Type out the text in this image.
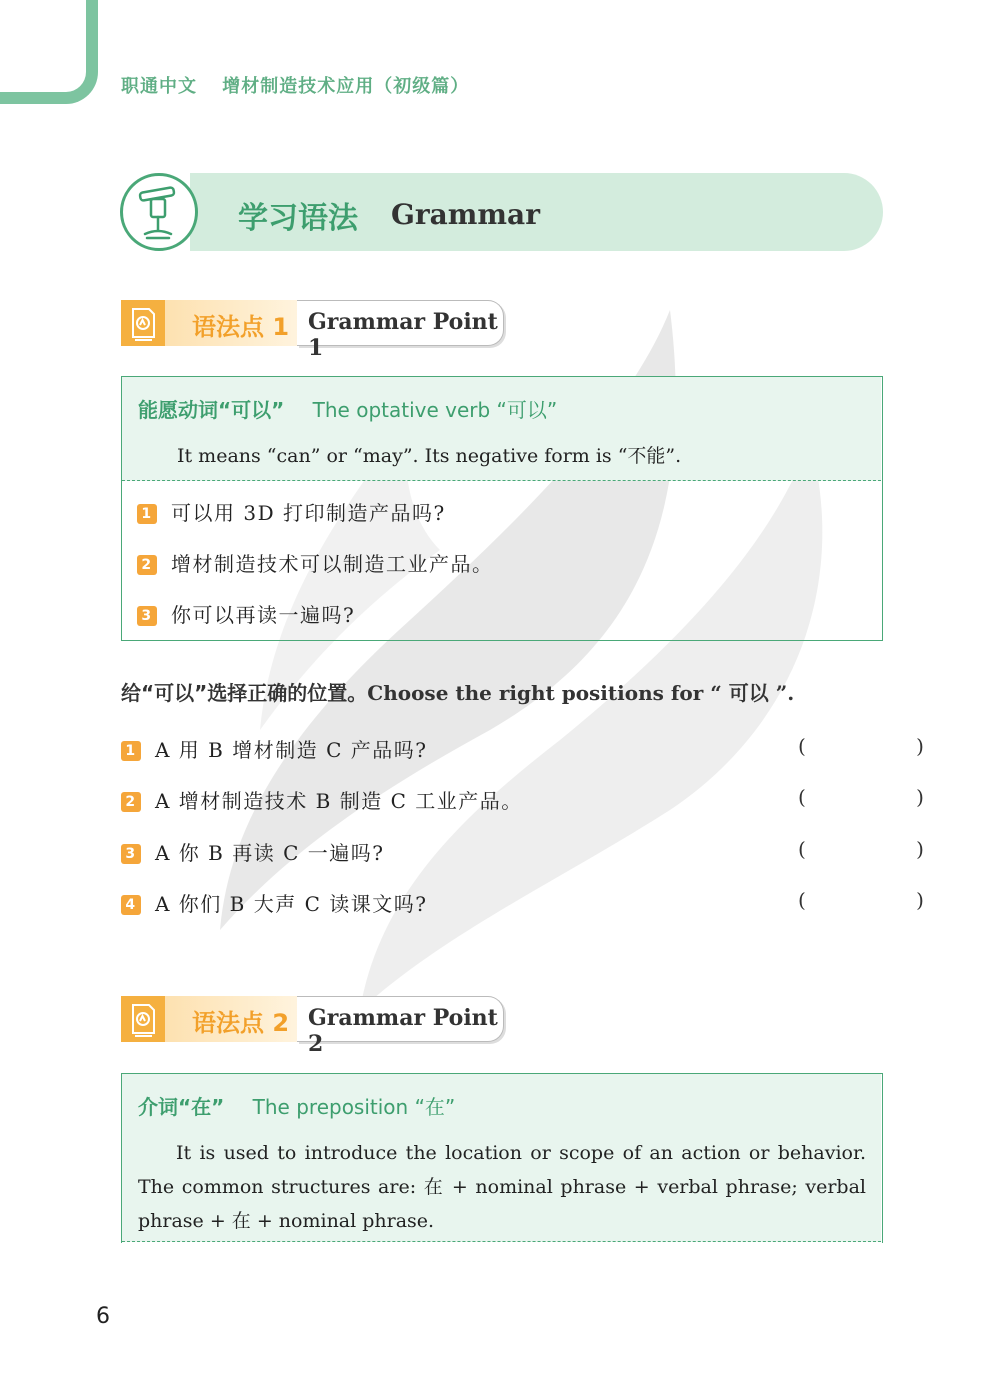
职通中文 增材制造技术应用（初级篇）
学习语法 Grammar
语法点 1 Grammar Point 1
能愿动词“可以” The optative verb “可以”
It means “can” or “may”. Its negative form is “不能”.
1 可以用 3D 打印制造产品吗?
2 增材制造技术可以制造工业产品。
3 你可以再读一遍吗?
给“可以”选择正确的位置。Choose the right positions for “ 可以 ”.
1 A 用 B 增材制造 C 产品吗?	( )
2 A 增材制造技术 B 制造 C 工业产品。	( )
3 A 你 B 再读 C 一遍吗?	( )
4 A 你们 B 大声 C 读课文吗?	( )
语法点 2 Grammar Point 2
介词“在” The preposition “在”
It is used to introduce the location or scope of an action or behavior. The common structures are: 在 + nominal phrase + verbal phrase; verbal phrase + 在 + nominal phrase.
6
